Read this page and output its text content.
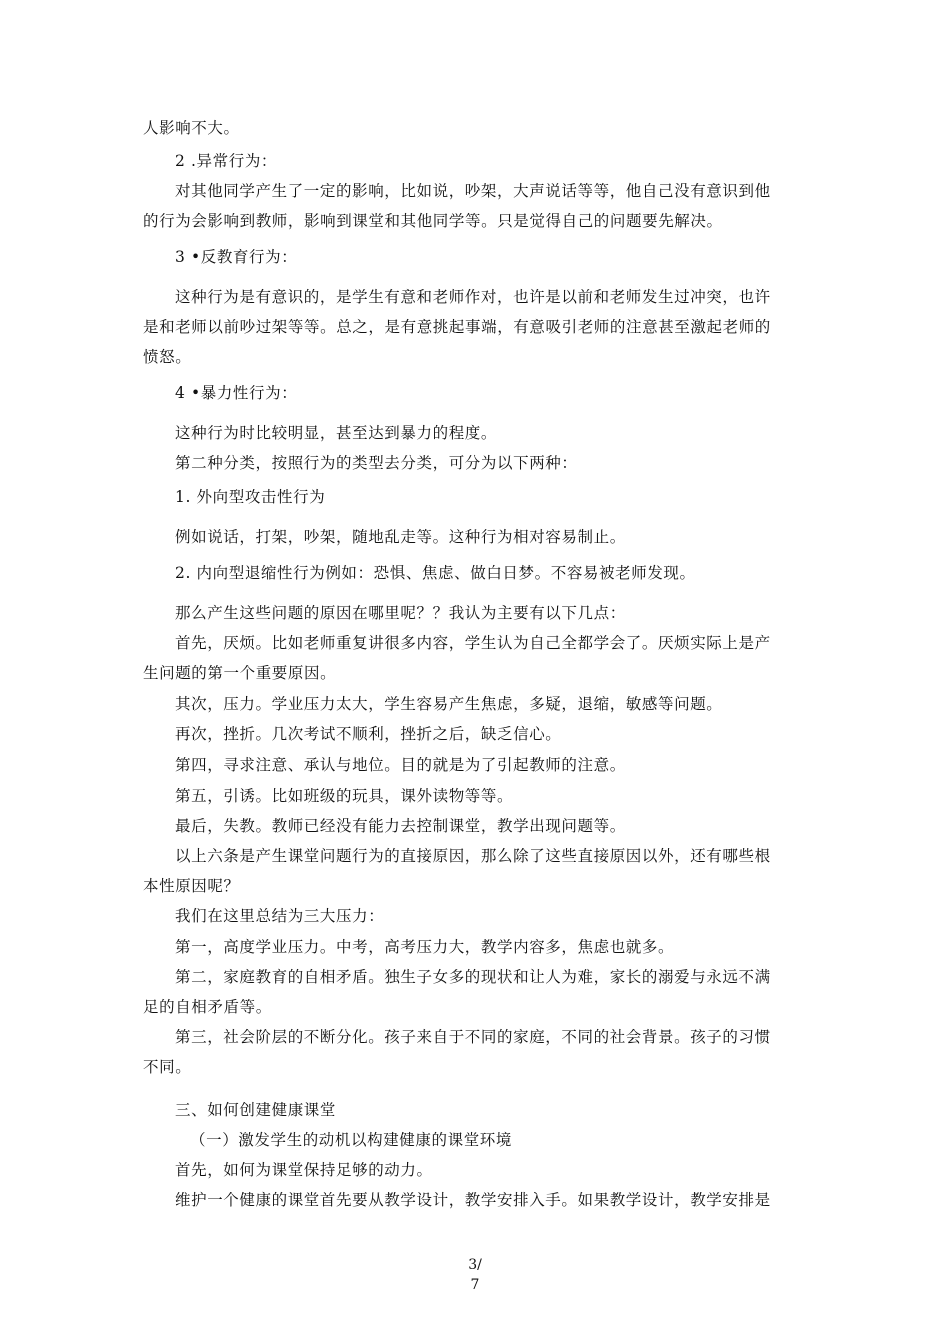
人影响不大。
2 .异常行为：
对其他同学产生了一定的影响，比如说，吵架，大声说话等等，他自己没有意识到他
的行为会影响到教师，影响到课堂和其他同学等。只是觉得自己的问题要先解决。
3 •反教育行为：
这种行为是有意识的，是学生有意和老师作对，也许是以前和老师发生过冲突，也许
是和老师以前吵过架等等。总之，是有意挑起事端，有意吸引老师的注意甚至激起老师的
愤怒。
4 •暴力性行为：
这种行为时比较明显，甚至达到暴力的程度。
第二种分类，按照行为的类型去分类，可分为以下两种：
1. 外向型攻击性行为
例如说话，打架，吵架，随地乱走等。这种行为相对容易制止。
2. 内向型退缩性行为例如：恐惧、焦虑、做白日梦。不容易被老师发现。
那么产生这些问题的原因在哪里呢？？我认为主要有以下几点：
首先，厌烦。比如老师重复讲很多内容，学生认为自己全都学会了。厌烦实际上是产
生问题的第一个重要原因。
其次，压力。学业压力太大，学生容易产生焦虑，多疑，退缩，敏感等问题。
再次，挫折。几次考试不顺利，挫折之后，缺乏信心。
第四，寻求注意、承认与地位。目的就是为了引起教师的注意。
第五，引诱。比如班级的玩具，课外读物等等。
最后，失教。教师已经没有能力去控制课堂，教学出现问题等。
以上六条是产生课堂问题行为的直接原因，那么除了这些直接原因以外，还有哪些根
本性原因呢？
我们在这里总结为三大压力：
第一，高度学业压力。中考，高考压力大，教学内容多，焦虑也就多。
第二，家庭教育的自相矛盾。独生子女多的现状和让人为难，家长的溺爱与永远不满
足的自相矛盾等。
第三，社会阶层的不断分化。孩子来自于不同的家庭，不同的社会背景。孩子的习惯
不同。
三、如何创建健康课堂
（一）激发学生的动机以构建健康的课堂环境
首先，如何为课堂保持足够的动力。
维护一个健康的课堂首先要从教学设计，教学安排入手。如果教学设计，教学安排是
3/
7
